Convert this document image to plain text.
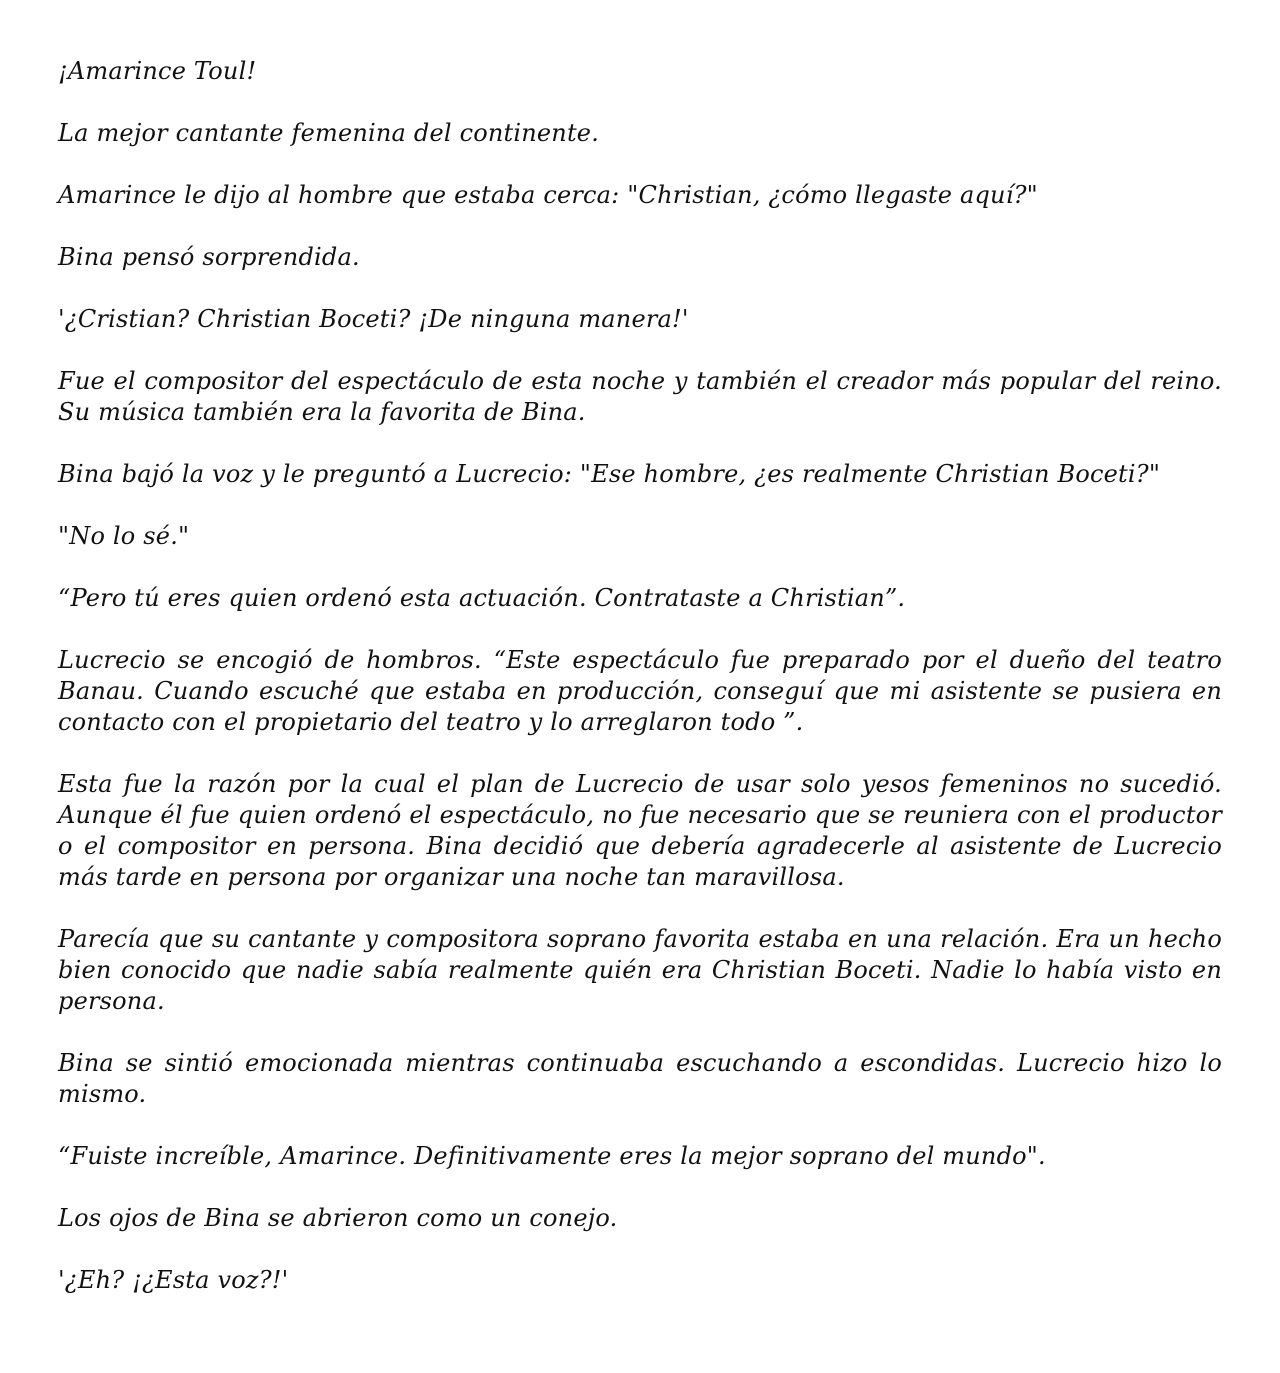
¡Amarince Toul!

La mejor cantante femenina del continente.

Amarince le dijo al hombre que estaba cerca: "Christian, ¿cómo llegaste aquí?"

Bina pensó sorprendida.

'¿Cristian? Christian Boceti? ¡De ninguna manera!'

Fue el compositor del espectáculo de esta noche y también el creador más popular del reino. Su música también era la favorita de Bina.

Bina bajó la voz y le preguntó a Lucrecio: "Ese hombre, ¿es realmente Christian Boceti?"

"No lo sé."

“Pero tú eres quien ordenó esta actuación. Contrataste a Christian”.

Lucrecio se encogió de hombros. “Este espectáculo fue preparado por el dueño del teatro Banau. Cuando escuché que estaba en producción, conseguí que mi asistente se pusiera en contacto con el propietario del teatro y lo arreglaron todo ”.

Esta fue la razón por la cual el plan de Lucrecio de usar solo yesos femeninos no sucedió. Aunque él fue quien ordenó el espectáculo, no fue necesario que se reuniera con el productor o el compositor en persona. Bina decidió que debería agradecerle al asistente de Lucrecio más tarde en persona por organizar una noche tan maravillosa.

Parecía que su cantante y compositora soprano favorita estaba en una relación. Era un hecho bien conocido que nadie sabía realmente quién era Christian Boceti. Nadie lo había visto en persona.

Bina se sintió emocionada mientras continuaba escuchando a escondidas. Lucrecio hizo lo mismo.

“Fuiste increíble, Amarince. Definitivamente eres la mejor soprano del mundo".

Los ojos de Bina se abrieron como un conejo.

'¿Eh? ¡¿Esta voz?!'
